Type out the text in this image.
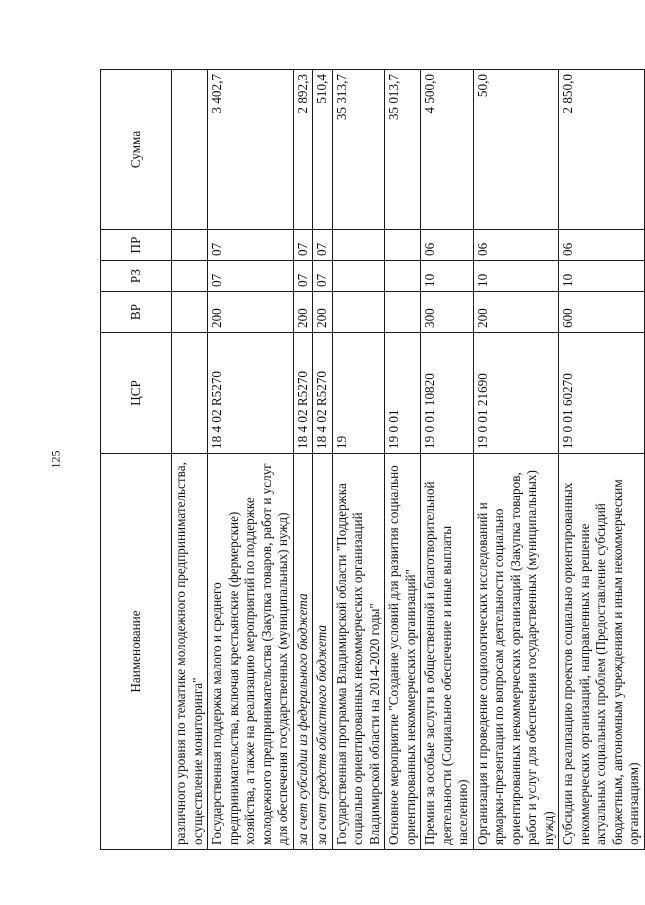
125
Наименование	ЦСР	ВР	РЗ	ПР	Сумма
различного уровня по тематике молодежного предпринимательства, осуществление мониторинга"					
Государственная поддержка малого и среднего предпринимательства, включая крестьянские (фермерские) хозяйства, а также на реализацию мероприятий по поддержке молодежного предпринимательства (Закупка товаров, работ и услуг для обеспечения государственных (муниципальных) нужд)	18 4 02 R5270	200	07	07	3 402,7
за счет субсидии из федерального бюджета	18 4 02 R5270	200	07	07	2 892,3
за счет средств областного бюджета	18 4 02 R5270	200	07	07	510,4
Государственная программа Владимирской области "Поддержка социально ориентированных некоммерческих организаций Владимирской области на 2014-2020 годы"	19				35 313,7
Основное мероприятие "Создание условий для развития социально ориентированных некоммерческих организаций"	19 0 01				35 013,7
Премии за особые заслуги в общественной и благотворительной деятельности (Социальное обеспечение и иные выплаты населению)	19 0 01 10820	300	10	06	4 500,0
Организация и проведение социологических исследований и ярмарки-презентации по вопросам деятельности социально ориентированных некоммерческих организаций (Закупка товаров, работ и услуг для обеспечения государственных (муниципальных) нужд)	19 0 01 21690	200	10	06	50,0
Субсидии на реализацию проектов социально ориентированных некоммерческих организаций, направленных на решение актуальных социальных проблем (Предоставление субсидий бюджетным, автономным учреждениям и иным некоммерческим организациям)	19 0 01 60270	600	10	06	2 850,0
